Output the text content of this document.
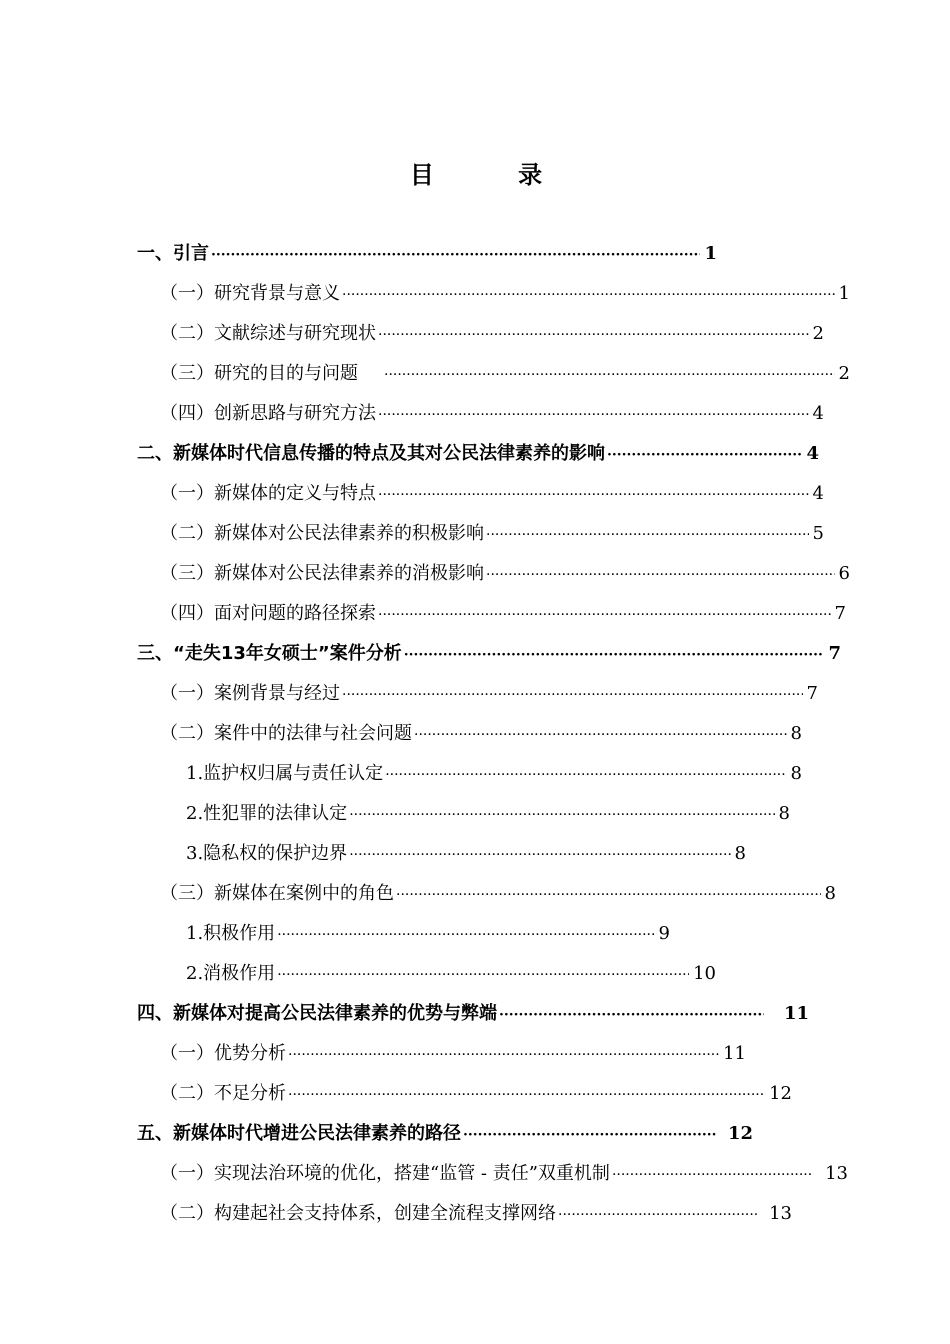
目 录
一、引言 ·····	1
（一）研究背景与意义 ·····	1
（二）文献综述与研究现状 ·····	2
（三）研究的目的与问题 ·····	2
（四）创新思路与研究方法 ·····	4
二、新媒体时代信息传播的特点及其对公民法律素养的影响 ·····	4
（一）新媒体的定义与特点 ·····	4
（二）新媒体对公民法律素养的积极影响 ·····	5
（三）新媒体对公民法律素养的消极影响 ·····	6
（四）面对问题的路径探索 ·····	7
三、“走失13年女硕士”案件分析 ·····	7
（一）案例背景与经过 ·····	7
（二）案件中的法律与社会问题 ·····	8
1.监护权归属与责任认定 ·····	8
2.性犯罪的法律认定 ·····	8
3.隐私权的保护边界 ·····	8
（三）新媒体在案例中的角色 ·····	8
1.积极作用 ·····	9
2.消极作用 ·····	10
四、新媒体对提高公民法律素养的优势与弊端 ·····	11
（一）优势分析 ·····	11
（二）不足分析 ·····	12
五、新媒体时代增进公民法律素养的路径 ·····	12
（一）实现法治环境的优化，搭建“监管 - 责任”双重机制 ·····	13
（二）构建起社会支持体系，创建全流程支撑网络 ·····	13
